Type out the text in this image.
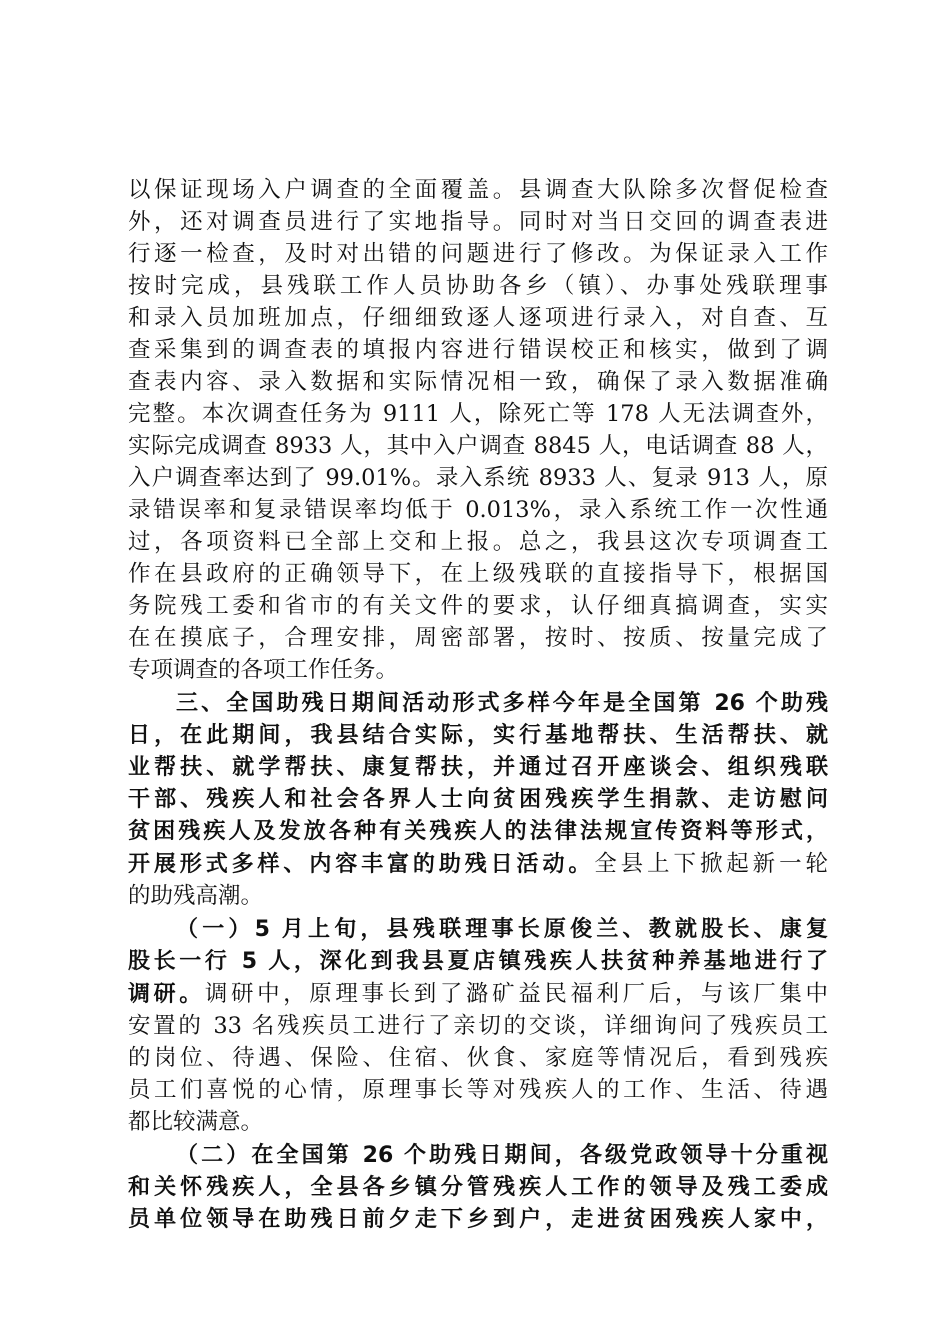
以保证现场入户调查的全面覆盖。县调查大队除多次督促检查
外，还对调查员进行了实地指导。同时对当日交回的调查表进
行逐一检查，及时对出错的问题进行了修改。为保证录入工作
按时完成，县残联工作人员协助各乡（镇）、办事处残联理事
和录入员加班加点，仔细细致逐人逐项进行录入，对自查、互
查采集到的调查表的填报内容进行错误校正和核实，做到了调
查表内容、录入数据和实际情况相一致，确保了录入数据准确
完整。本次调查任务为 9111 人，除死亡等 178 人无法调查外，
实际完成调查 8933 人，其中入户调查 8845 人，电话调查 88 人，
入户调查率达到了 99.01%。录入系统 8933 人、复录 913 人，原
录错误率和复录错误率均低于 0.013%，录入系统工作一次性通
过，各项资料已全部上交和上报。总之，我县这次专项调查工
作在县政府的正确领导下，在上级残联的直接指导下，根据国
务院残工委和省市的有关文件的要求，认仔细真搞调查，实实
在在摸底子，合理安排，周密部署，按时、按质、按量完成了
专项调查的各项工作任务。
三、全国助残日期间活动形式多样今年是全国第 26 个助残
日，在此期间，我县结合实际，实行基地帮扶、生活帮扶、就
业帮扶、就学帮扶、康复帮扶，并通过召开座谈会、组织残联
干部、残疾人和社会各界人士向贫困残疾学生捐款、走访慰问
贫困残疾人及发放各种有关残疾人的法律法规宣传资料等形式，
开展形式多样、内容丰富的助残日活动。全县上下掀起新一轮
的助残高潮。
（一）5 月上旬，县残联理事长原俊兰、教就股长、康复
股长一行 5 人，深化到我县夏店镇残疾人扶贫种养基地进行了
调研。调研中，原理事长到了潞矿益民福利厂后，与该厂集中
安置的 33 名残疾员工进行了亲切的交谈，详细询问了残疾员工
的岗位、待遇、保险、住宿、伙食、家庭等情况后，看到残疾
员工们喜悦的心情，原理事长等对残疾人的工作、生活、待遇
都比较满意。
（二）在全国第 26 个助残日期间，各级党政领导十分重视
和关怀残疾人，全县各乡镇分管残疾人工作的领导及残工委成
员单位领导在助残日前夕走下乡到户，走进贫困残疾人家中，
